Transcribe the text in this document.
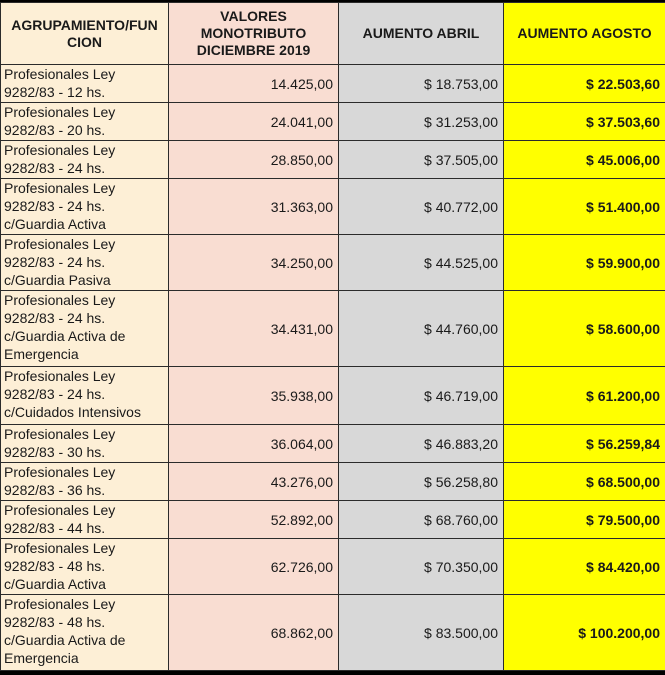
AGRUPAMIENTO/FUN
CION	VALORES
MONOTRIBUTO
DICIEMBRE 2019	AUMENTO ABRIL	AUMENTO AGOSTO

Profesionales Ley
9282/83 - 12 hs.	14.425,00	$ 18.753,00	$ 22.503,60

Profesionales Ley
9282/83 - 20 hs.	24.041,00	$ 31.253,00	$ 37.503,60

Profesionales Ley
9282/83 - 24 hs.	28.850,00	$ 37.505,00	$ 45.006,00

Profesionales Ley
9282/83 - 24 hs.
c/Guardia Activa	31.363,00	$ 40.772,00	$ 51.400,00

Profesionales Ley
9282/83 - 24 hs.
c/Guardia Pasiva	34.250,00	$ 44.525,00	$ 59.900,00

Profesionales Ley
9282/83 - 24 hs.
c/Guardia Activa de
Emergencia	34.431,00	$ 44.760,00	$ 58.600,00

Profesionales Ley
9282/83 - 24 hs.
c/Cuidados Intensivos	35.938,00	$ 46.719,00	$ 61.200,00

Profesionales Ley
9282/83 - 30 hs.	36.064,00	$ 46.883,20	$ 56.259,84

Profesionales Ley
9282/83 - 36 hs.	43.276,00	$ 56.258,80	$ 68.500,00

Profesionales Ley
9282/83 - 44 hs.	52.892,00	$ 68.760,00	$ 79.500,00

Profesionales Ley
9282/83 - 48 hs.
c/Guardia Activa	62.726,00	$ 70.350,00	$ 84.420,00

Profesionales Ley
9282/83 - 48 hs.
c/Guardia Activa de
Emergencia	68.862,00	$ 83.500,00	$ 100.200,00
